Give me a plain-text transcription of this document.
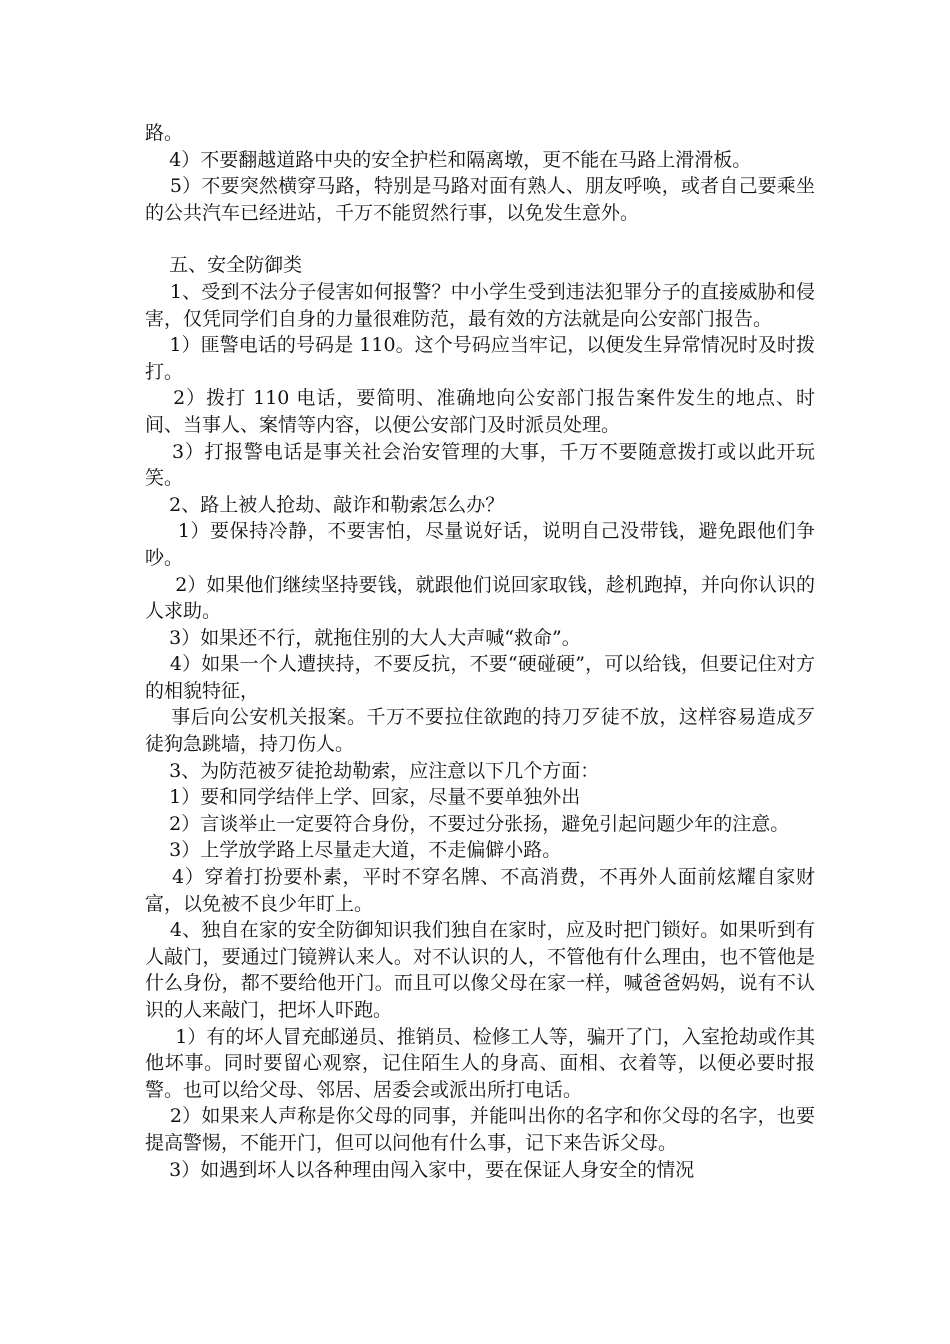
路。

4）不要翻越道路中央的安全护栏和隔离墩，更不能在马路上滑滑板。

5）不要突然横穿马路，特别是马路对面有熟人、朋友呼唤，或者自己要乘坐的公共汽车已经进站，千万不能贸然行事，以免发生意外。

五、安全防御类

1、受到不法分子侵害如何报警？中小学生受到违法犯罪分子的直接威胁和侵害，仅凭同学们自身的力量很难防范，最有效的方法就是向公安部门报告。

1）匪警电话的号码是 110。这个号码应当牢记，以便发生异常情况时及时拨打。

2）拨打 110 电话，要简明、准确地向公安部门报告案件发生的地点、时间、当事人、案情等内容，以便公安部门及时派员处理。

3）打报警电话是事关社会治安管理的大事，千万不要随意拨打或以此开玩笑。

2、路上被人抢劫、敲诈和勒索怎么办？

1）要保持冷静，不要害怕，尽量说好话，说明自己没带钱，避免跟他们争吵。

2）如果他们继续坚持要钱，就跟他们说回家取钱，趁机跑掉，并向你认识的人求助。

3）如果还不行，就拖住别的大人大声喊“救命”。

4）如果一个人遭挟持，不要反抗，不要“硬碰硬”，可以给钱，但要记住对方的相貌特征，

事后向公安机关报案。千万不要拉住欲跑的持刀歹徒不放，这样容易造成歹徒狗急跳墙，持刀伤人。

3、为防范被歹徒抢劫勒索，应注意以下几个方面：

1）要和同学结伴上学、回家，尽量不要单独外出

2）言谈举止一定要符合身份，不要过分张扬，避免引起问题少年的注意。

3）上学放学路上尽量走大道，不走偏僻小路。

4）穿着打扮要朴素，平时不穿名牌、不高消费，不再外人面前炫耀自家财富，以免被不良少年盯上。

4、独自在家的安全防御知识我们独自在家时，应及时把门锁好。如果听到有人敲门，要通过门镜辨认来人。对不认识的人，不管他有什么理由，也不管他是什么身份，都不要给他开门。而且可以像父母在家一样，喊爸爸妈妈，说有不认识的人来敲门，把坏人吓跑。

1）有的坏人冒充邮递员、推销员、检修工人等，骗开了门，入室抢劫或作其他坏事。同时要留心观察，记住陌生人的身高、面相、衣着等，以便必要时报警。也可以给父母、邻居、居委会或派出所打电话。

2）如果来人声称是你父母的同事，并能叫出你的名字和你父母的名字，也要提高警惕，不能开门，但可以问他有什么事，记下来告诉父母。

3）如遇到坏人以各种理由闯入家中，要在保证人身安全的情况
